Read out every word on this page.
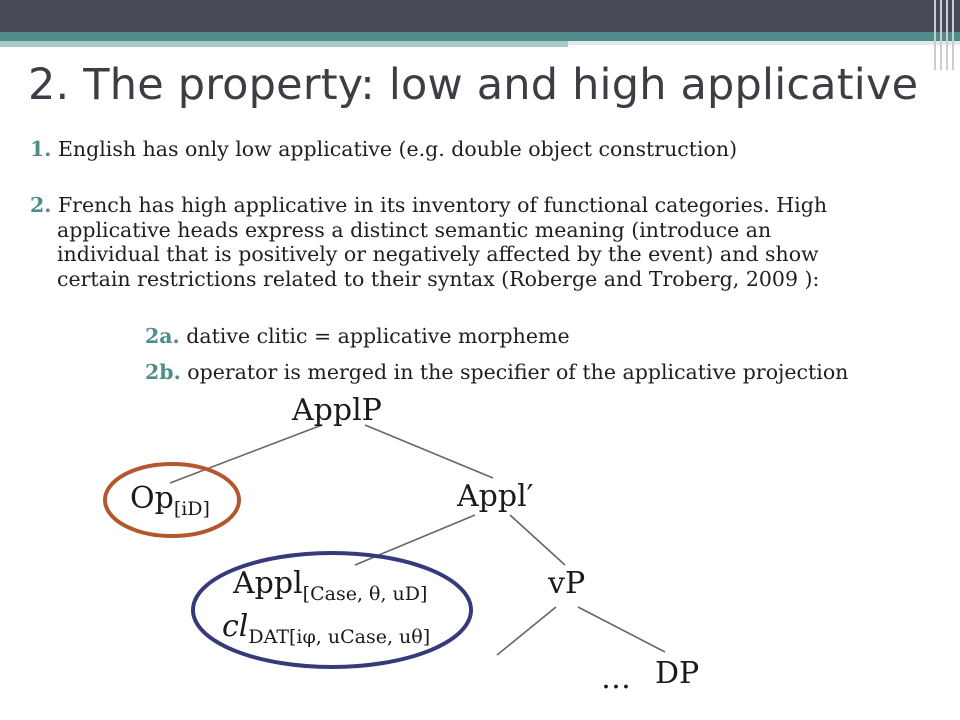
2. The property: low and high applicative
1. English has only low applicative (e.g. double object construction)
2. French has high applicative in its inventory of functional categories. High
applicative heads express a distinct semantic meaning (introduce an
individual that is positively or negatively affected by the event) and show
certain restrictions related to their syntax (Roberge and Troberg, 2009 ):
2a. dative clitic = applicative morpheme
2b. operator is merged in the specifier of the applicative projection
ApplP
$Op_{[iD]}$	Appl′
Appl$_{[Case, \theta, uD]}$
$cl_{DAT[i\varphi, uCase, u\theta]}$
vP
… DP
